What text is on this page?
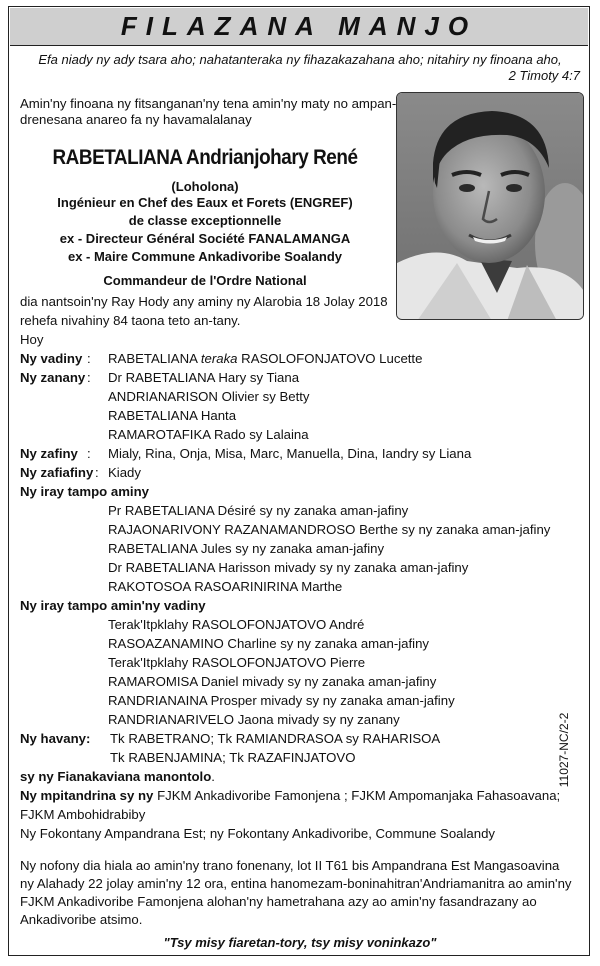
FILAZANA MANJO
Efa niady ny ady tsara aho; nahatanteraka ny fihazakazahana aho; nitahiry ny finoana aho,
2 Timoty 4:7
Amin'ny finoana ny fitsanganan'ny tena amin'ny maty no ampan-
drenesana anareo fa ny havamalalanay
RABETALIANA Andrianjohary René
(Loholona)
Ingénieur en Chef des Eaux et Forets (ENGREF)
de classe exceptionnelle
ex - Directeur Général Société FANALAMANGA
ex - Maire Commune Ankadivoribe Soalandy
Commandeur de l'Ordre National
dia nantsoin'ny Ray Hody any aminy ny Alarobia 18 Jolay 2018
rehefa nivahiny 84 taona teto an-tany.
Hoy
Ny vadiny : RABETALIANA teraka RASOLOFONJATOVO Lucette
Ny zanany : Dr RABETALIANA Hary sy Tiana
ANDRIANARISON Olivier sy Betty
RABETALIANA Hanta
RAMAROTAFIKA Rado sy Lalaina
Ny zafiny : Mialy, Rina, Onja, Misa, Marc, Manuella, Dina, Iandry sy Liana
Ny zafiafiny : Kiady
Ny iray tampo aminy
Pr RABETALIANA Désiré sy ny zanaka aman-jafiny
RAJAONARIVONY RAZANAMANDROSO Berthe sy ny zanaka aman-jafiny
RABETALIANA Jules sy ny zanaka aman-jafiny
Dr RABETALIANA Harisson mivady sy ny zanaka aman-jafiny
RAKOTOSOA RASOARINIRINA Marthe
Ny iray tampo amin'ny vadiny
Terak'Itpklahy RASOLOFONJATOVO André
RASOAZANAMINO Charline sy ny zanaka aman-jafiny
Terak'Itpklahy RASOLOFONJATOVO Pierre
RAMAROMISA Daniel mivady sy ny zanaka aman-jafiny
RANDRIANAINA Prosper mivady sy ny zanaka aman-jafiny
RANDRIANARIVELO Jaona mivady sy ny zanany
Ny havany: Tk RABETRANO; Tk RAMIANDRASOA sy RAHARISOA
Tk RABENJAMINA; Tk RAZAFINJATOVO
sy ny Fianakaviana manontolo.
Ny mpitandrina sy ny FJKM Ankadivoribe Famonjena ; FJKM Ampomanjaka Fahasoavana;
FJKM Ambohidrabiby
Ny Fokontany Ampandrana Est; ny Fokontany Ankadivoribe, Commune Soalandy
11027-NC/2-2
Ny nofony dia hiala ao amin'ny trano fonenany, lot II T61 bis Ampandrana Est Mangasoavina
ny Alahady 22 jolay amin'ny 12 ora, entina hanomezam-boninahitran'Andriamanitra ao amin'ny
FJKM Ankadivoribe Famonjena alohan'ny hametrahana azy ao amin'ny fasandrazany ao
Ankadivoribe atsimo.
"Tsy misy fiaretan-tory, tsy misy voninkazo"
